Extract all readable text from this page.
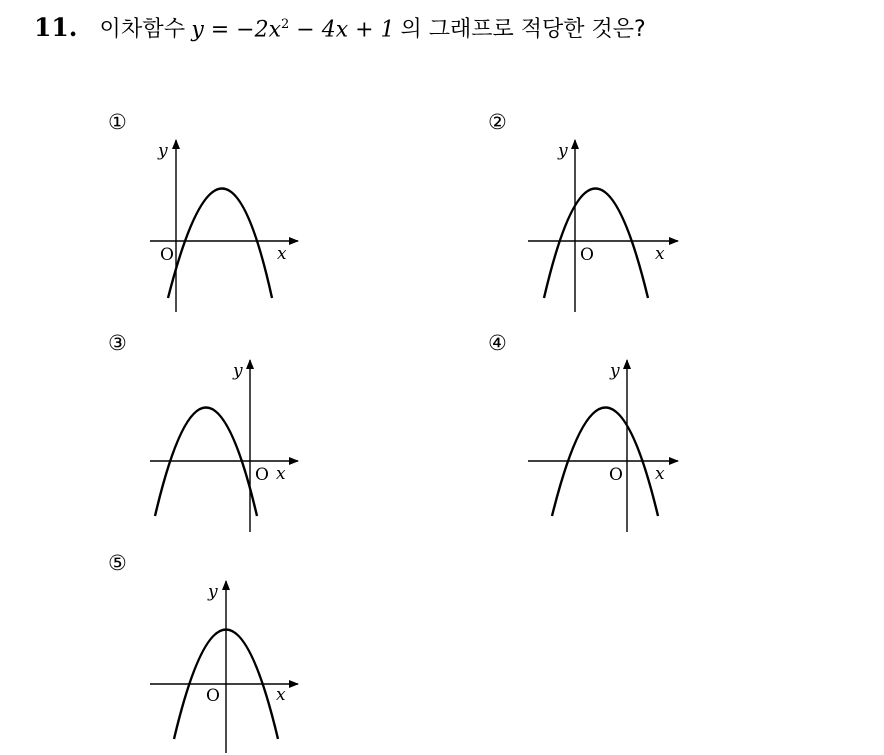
11. 이차함수 $y = -2x^2 - 4x + 1$ 의 그래프로 적당한 것은?
①
y
x
O
②
y
x
O
③
y
x
O
④
y
x
O
⑤
y
x
O
